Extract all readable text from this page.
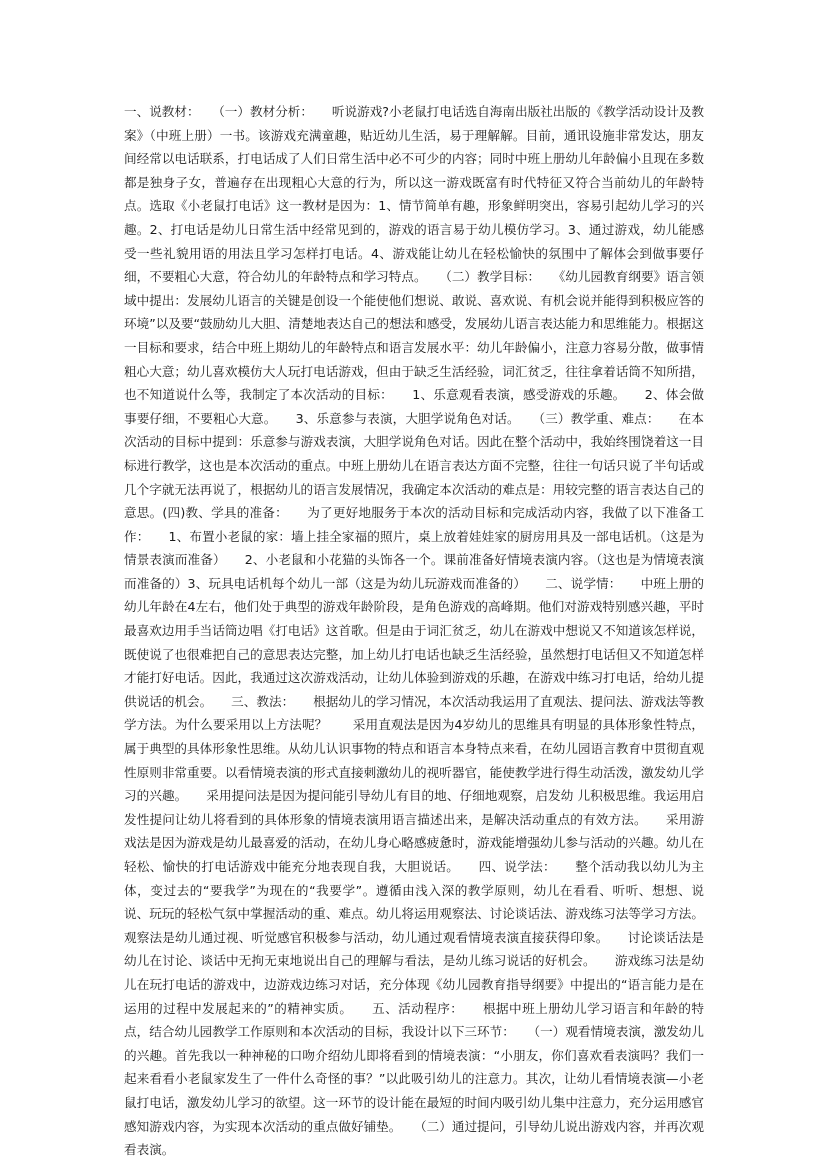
一、说教材：　　（一）教材分析：　　听说游戏?小老鼠打电话选自海南出版社出版的《教学活动设计及教案》（中班上册）一书。该游戏充满童趣，贴近幼儿生活，易于理解解。目前，通讯设施非常发达，朋友间经常以电话联系，打电话成了人们日常生活中必不可少的内容；同时中班上册幼儿年龄偏小且现在多数都是独身子女，普遍存在出现粗心大意的行为，所以这一游戏既富有时代特征又符合当前幼儿的年龄特点。选取《小老鼠打电话》这一教材是因为：1、情节简单有趣，形象鲜明突出，容易引起幼儿学习的兴趣。2、打电话是幼儿日常生活中经常见到的，游戏的语言易于幼儿模仿学习。3、通过游戏，幼儿能感受一些礼貌用语的用法且学习怎样打电话。4、游戏能让幼儿在轻松愉快的氛围中了解体会到做事要仔细，不要粗心大意，符合幼儿的年龄特点和学习特点。　　（二）教学目标：　　《幼儿园教育纲要》语言领域中提出：发展幼儿语言的关键是创设一个能使他们想说、敢说、喜欢说、有机会说并能得到积极应答的环境”以及要“鼓励幼儿大胆、清楚地表达自己的想法和感受，发展幼儿语言表达能力和思维能力。根据这一目标和要求，结合中班上期幼儿的年龄特点和语言发展水平：幼儿年龄偏小，注意力容易分散，做事情粗心大意；幼儿喜欢模仿大人玩打电话游戏，但由于缺乏生活经验，词汇贫乏，往往拿着话筒不知所措，也不知道说什么等，我制定了本次活动的目标：　　1、乐意观看表演，感受游戏的乐趣。　　2、体会做事要仔细，不要粗心大意。　　3、乐意参与表演，大胆学说角色对话。　　（三）教学重、难点：　　在本次活动的目标中提到：乐意参与游戏表演，大胆学说角色对话。因此在整个活动中，我始终围饶着这一目标进行教学，这也是本次活动的重点。中班上册幼儿在语言表达方面不完整，往往一句话只说了半句话或几个字就无法再说了，根据幼儿的语言发展情况，我确定本次活动的难点是：用较完整的语言表达自己的意思。(四)教、学具的准备：　　为了更好地服务于本次的活动目标和完成活动内容，我做了以下准备工作：　　1、布置小老鼠的家：墙上挂全家福的照片，桌上放着娃娃家的厨房用具及一部电话机。（这是为情景表演而准备）　　2、小老鼠和小花猫的头饰各一个。课前准备好情境表演内容。（这也是为情境表演而准备的）3、玩具电话机每个幼儿一部（这是为幼儿玩游戏而准备的）　　二、说学情：　　中班上册的幼儿年龄在4左右，他们处于典型的游戏年龄阶段，是角色游戏的高峰期。他们对游戏特别感兴趣，平时最喜欢边用手当话筒边唱《打电话》这首歌。但是由于词汇贫乏，幼儿在游戏中想说又不知道该怎样说，既使说了也很难把自己的意思表达完整，加上幼儿打电话也缺乏生活经验，虽然想打电话但又不知道怎样才能打好电话。因此，我通过这次游戏活动，让幼儿体验到游戏的乐趣，在游戏中练习打电话，给幼儿提供说话的机会。　　三、教法：　　根据幼儿的学习情况，本次活动我运用了直观法、提问法、游戏法等教学方法。为什么要采用以上方法呢？　　采用直观法是因为4岁幼儿的思维具有明显的具体形象性特点，属于典型的具体形象性思维。从幼儿认识事物的特点和语言本身特点来看，在幼儿园语言教育中贯彻直观性原则非常重要。以看情境表演的形式直接刺激幼儿的视听器官，能使教学进行得生动活泼，激发幼儿学习的兴趣。　　采用提问法是因为提问能引导幼儿有目的地、仔细地观察，启发幼 儿积极思维。我运用启发性提问让幼儿将看到的具体形象的情境表演用语言描述出来，是解决活动重点的有效方法。　　采用游戏法是因为游戏是幼儿最喜爱的活动，在幼儿身心略感疲惫时，游戏能增强幼儿参与活动的兴趣。幼儿在轻松、愉快的打电话游戏中能充分地表现自我，大胆说话。　　四、说学法：　　整个活动我以幼儿为主体，变过去的“要我学”为现在的“我要学”。遵循由浅入深的教学原则，幼儿在看看、听听、想想、说说、玩玩的轻松气氛中掌握活动的重、难点。幼儿将运用观察法、讨论谈话法、游戏练习法等学习方法。观察法是幼儿通过视、听觉感官积极参与活动，幼儿通过观看情境表演直接获得印象。　　讨论谈话法是幼儿在讨论、谈话中无拘无束地说出自己的理解与看法，是幼儿练习说话的好机会。　　游戏练习法是幼儿在玩打电话的游戏中，边游戏边练习对话，充分体现《幼儿园教育指导纲要》中提出的“语言能力是在运用的过程中发展起来的”的精神实质。　　五、活动程序：　　根据中班上册幼儿学习语言和年龄的特点，结合幼儿园教学工作原则和本次活动的目标，我设计以下三环节：　　（一）观看情境表演，激发幼儿 的兴趣。首先我以一种神秘的口吻介绍幼儿即将看到的情境表演：“小朋友，你们喜欢看表演吗？我们一起来看看小老鼠家发生了一件什么奇怪的事？”以此吸引幼儿的注意力。其次，让幼儿看情境表演—小老鼠打电话，激发幼儿学习的欲望。这一环节的设计能在最短的时间内吸引幼儿集中注意力，充分运用感官感知游戏内容，为实现本次活动的重点做好铺垫。　　（二）通过提问，引导幼儿说出游戏内容，并再次观看表演。
